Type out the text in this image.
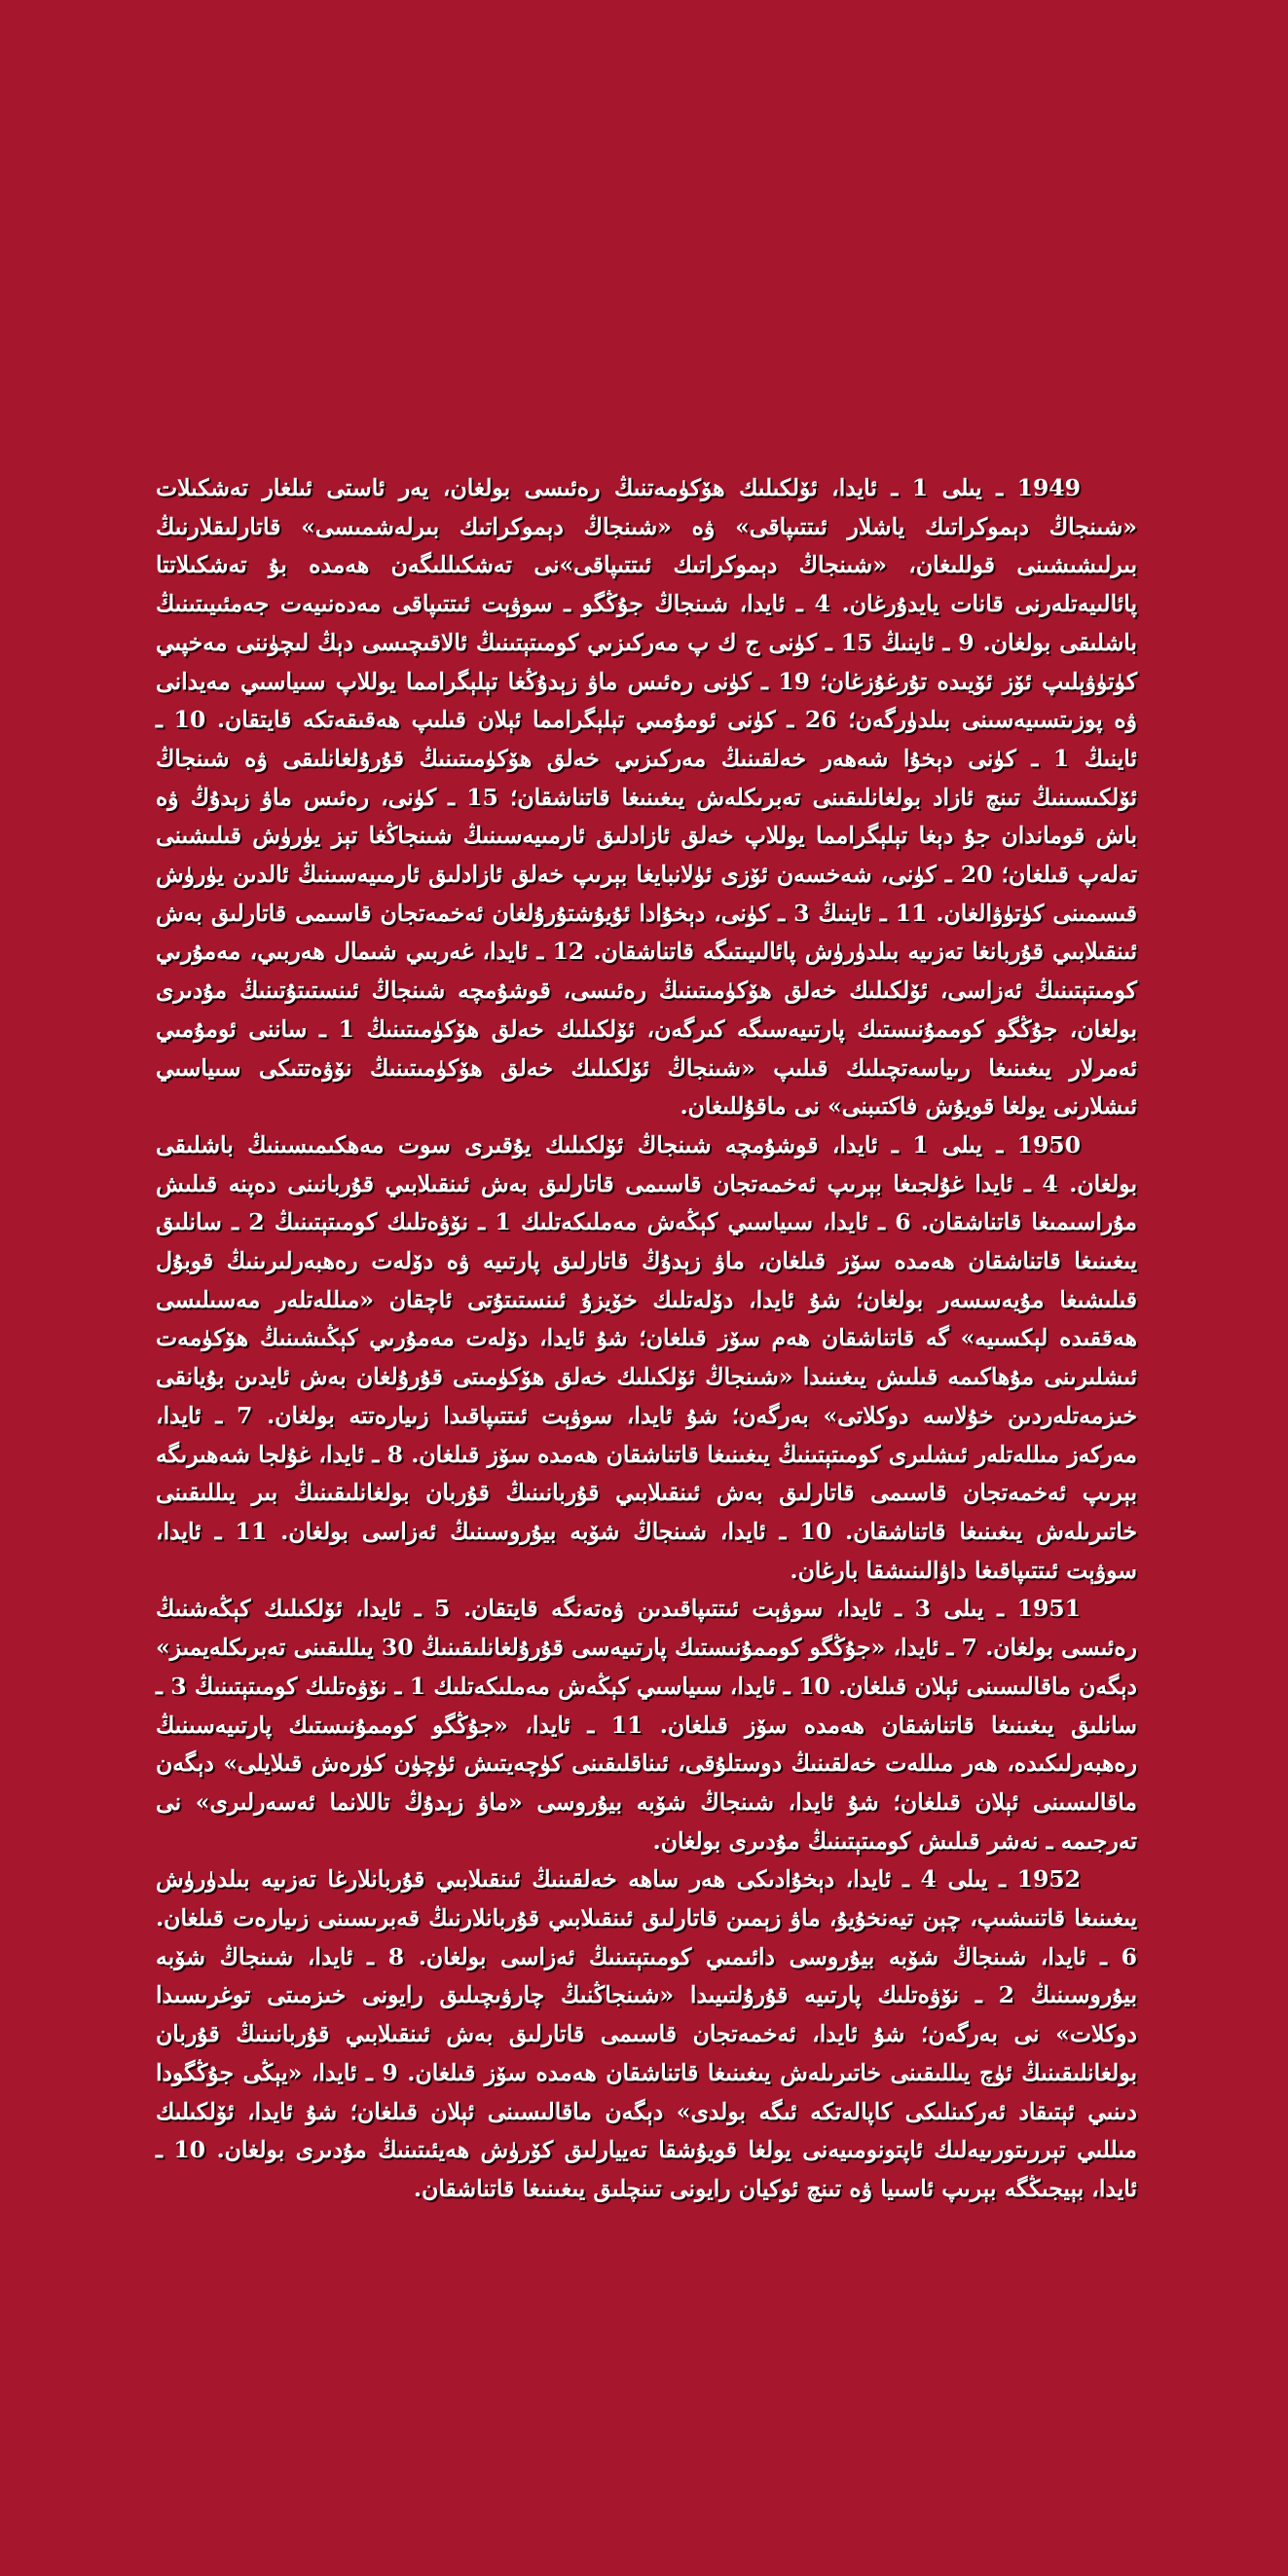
1949 ـ يىلى 1 ـ ئايدا، ئۆلكىلىك ھۆكۈمەتنىڭ رەئىسى بولغان، يەر ئاستى ئىلغار تەشكىلات «شىنجاڭ دېموكراتىك ياشلار ئىتتىپاقى» ۋە «شىنجاڭ دېموكراتىك بىرلەشمىسى» قاتارلىقلارنىڭ بىرلىشىشىنى قوللىغان، «شىنجاڭ دېموكراتىك ئىتتىپاقى»نى تەشكىللىگەن ھەمدە بۇ تەشكىلاتتا پائالىيەتلەرنى قانات يايدۇرغان. 4 ـ ئايدا، شىنجاڭ جۇڭگو ـ سوۋېت ئىتتىپاقى مەدەنىيەت جەمئىيىتىنىڭ باشلىقى بولغان. 9 ـ ئاينىڭ 15 ـ كۈنى ج ك پ مەركىزىي كومىتېتىنىڭ ئالاقىچىسى دېڭ لىچۈننى مەخپىي كۈتۈۋېلىپ ئۆز ئۆيىدە تۇرغۇزغان؛ 19 ـ كۈنى رەئىس ماۋ زېدۇڭغا تېلېگرامما يوللاپ سىياسىي مەيدانى ۋە پوزىتسىيەسىنى بىلدۈرگەن؛ 26 ـ كۈنى ئومۇمىي تېلېگرامما ئېلان قىلىپ ھەقىقەتكە قايتقان. 10 ـ ئاينىڭ 1 ـ كۈنى دېخۇا شەھەر خەلقىنىڭ مەركىزىي خەلق ھۆكۈمىتىنىڭ قۇرۇلغانلىقى ۋە شىنجاڭ ئۆلكىسىنىڭ تىنچ ئازاد بولغانلىقىنى تەبرىكلەش يىغىنىغا قاتناشقان؛ 15 ـ كۈنى، رەئىس ماۋ زېدۇڭ ۋە باش قوماندان جۇ دېغا تېلېگرامما يوللاپ خەلق ئازادلىق ئارمىيەسىنىڭ شىنجاڭغا تېز يۈرۈش قىلىشىنى تەلەپ قىلغان؛ 20 ـ كۈنى، شەخسەن ئۆزى ئۈلانبايغا بېرىپ خەلق ئازادلىق ئارمىيەسىنىڭ ئالدىن يۈرۈش قىسمىنى كۈتۈۋالغان. 11 ـ ئاينىڭ 3 ـ كۈنى، دېخۇادا ئۇيۇشتۇرۇلغان ئەخمەتجان قاسىمى قاتارلىق بەش ئىنقىلابىي قۇربانغا تەزىيە بىلدۈرۈش پائالىيىتىگە قاتناشقان. 12 ـ ئايدا، غەربىي شىمال ھەربىي، مەمۇرىي كومىتېتىنىڭ ئەزاسى، ئۆلكىلىك خەلق ھۆكۈمىتىنىڭ رەئىسى، قوشۇمچە شىنجاڭ ئىنستىتۇتىنىڭ مۇدىرى بولغان، جۇڭگو كوممۇنىستىك پارتىيەسىگە كىرگەن، ئۆلكىلىك خەلق ھۆكۈمىتىنىڭ 1 ـ ساننى ئومۇمىي ئەمرلار يىغىنىغا رىياسەتچىلىك قىلىپ «شىنجاڭ ئۆلكىلىك خەلق ھۆكۈمىتىنىڭ نۆۋەتتىكى سىياسىي ئىشلارنى يولغا قويۇش فاكتىبنى» نى ماقۇللىغان.

1950 ـ يىلى 1 ـ ئايدا، قوشۇمچە شىنجاڭ ئۆلكىلىك يۇقىرى سوت مەھكىمىسىنىڭ باشلىقى بولغان. 4 ـ ئايدا غۇلجىغا بېرىپ ئەخمەتجان قاسىمى قاتارلىق بەش ئىنقىلابىي قۇربانىنى دەپنە قىلىش مۇراسىمىغا قاتناشقان. 6 ـ ئايدا، سىياسىي كېڭەش مەملىكەتلىك 1 ـ نۆۋەتلىك كومىتېتىنىڭ 2 ـ سانلىق يىغىنىغا قاتناشقان ھەمدە سۆز قىلغان، ماۋ زېدۇڭ قاتارلىق پارتىيە ۋە دۆلەت رەھبەرلىرىنىڭ قوبۇل قىلىشىغا مۇيەسسەر بولغان؛ شۇ ئايدا، دۆلەتلىك خۆيزۇ ئىنستىتۇتى ئاچقان «مىللەتلەر مەسىلىسى ھەققىدە لېكسىيە» گە قاتناشقان ھەم سۆز قىلغان؛ شۇ ئايدا، دۆلەت مەمۇرىي كېڭىشىنىڭ ھۆكۈمەت ئىشلىرىنى مۇھاكىمە قىلىش يىغىنىدا «شىنجاڭ ئۆلكىلىك خەلق ھۆكۈمىتى قۇرۇلغان بەش ئايدىن بۇيانقى خىزمەتلەردىن خۇلاسە دوكلاتى» بەرگەن؛ شۇ ئايدا، سوۋېت ئىتتىپاقىدا زىيارەتتە بولغان. 7 ـ ئايدا، مەركەز مىللەتلەر ئىشلىرى كومىتېتىنىڭ يىغىنىغا قاتناشقان ھەمدە سۆز قىلغان. 8 ـ ئايدا، غۇلجا شەھىرىگە بېرىپ ئەخمەتجان قاسىمى قاتارلىق بەش ئىنقىلابىي قۇربانىنىڭ قۇربان بولغانلىقىنىڭ بىر يىللىقىنى خاتىرىلەش يىغىنىغا قاتناشقان. 10 ـ ئايدا، شىنجاڭ شۆبە بيۇروسىنىڭ ئەزاسى بولغان. 11 ـ ئايدا، سوۋېت ئىتتىپاقىغا داۋالىنىشقا بارغان.

1951 ـ يىلى 3 ـ ئايدا، سوۋېت ئىتتىپاقىدىن ۋەتەنگە قايتقان. 5 ـ ئايدا، ئۆلكىلىك كېڭەشنىڭ رەئىسى بولغان. 7 ـ ئايدا، «جۇڭگو كوممۇنىستىك پارتىيەسى قۇرۇلغانلىقىنىڭ 30 يىللىقىنى تەبرىكلەيمىز» دېگەن ماقالىسىنى ئېلان قىلغان. 10 ـ ئايدا، سىياسىي كېڭەش مەملىكەتلىك 1 ـ نۆۋەتلىك كومىتېتىنىڭ 3 ـ سانلىق يىغىنىغا قاتناشقان ھەمدە سۆز قىلغان. 11 ـ ئايدا، «جۇڭگو كوممۇنىستىك پارتىيەسىنىڭ رەھبەرلىكىدە، ھەر مىللەت خەلقىنىڭ دوستلۇقى، ئىناقلىقىنى كۈچەيتىش ئۈچۈن كۈرەش قىلايلى» دېگەن ماقالىسىنى ئېلان قىلغان؛ شۇ ئايدا، شىنجاڭ شۆبە بيۇروسى «ماۋ زېدۇڭ تاللانما ئەسەرلىرى» نى تەرجىمە ـ نەشر قىلىش كومىتېتىنىڭ مۇدىرى بولغان.

1952 ـ يىلى 4 ـ ئايدا، دېخۇادىكى ھەر ساھە خەلقىنىڭ ئىنقىلابىي قۇربانلارغا تەزىيە بىلدۈرۈش يىغىنىغا قاتنىشىپ، چېن تيەنخۇيۇ، ماۋ زېمىن قاتارلىق ئىنقىلابىي قۇربانلارنىڭ قەبرىسىنى زىيارەت قىلغان. 6 ـ ئايدا، شىنجاڭ شۆبە بيۇروسى دائىمىي كومىتېتىنىڭ ئەزاسى بولغان. 8 ـ ئايدا، شىنجاڭ شۆبە بيۇروسىنىڭ 2 ـ نۆۋەتلىك پارتىيە قۇرۇلتىيىدا «شىنجاڭنىڭ چارۋىچىلىق رايونى خىزمىتى توغرىسىدا دوكلات» نى بەرگەن؛ شۇ ئايدا، ئەخمەتجان قاسىمى قاتارلىق بەش ئىنقىلابىي قۇربانىنىڭ قۇربان بولغانلىقىنىڭ ئۈچ يىللىقىنى خاتىرىلەش يىغىنىغا قاتناشقان ھەمدە سۆز قىلغان. 9 ـ ئايدا، «يېڭى جۇڭگودا دىنىي ئېتىقاد ئەركىنلىكى كاپالەتكە ئىگە بولدى» دېگەن ماقالىسىنى ئېلان قىلغان؛ شۇ ئايدا، ئۆلكىلىك مىللىي تېررىتورىيەلىك ئاپتونومىيەنى يولغا قويۇشقا تەييارلىق كۆرۈش ھەيئىتىنىڭ مۇدىرى بولغان. 10 ـ ئايدا، بېيجىڭگە بېرىپ ئاسىيا ۋە تىنچ ئوكيان رايونى تىنچلىق يىغىنىغا قاتناشقان.
